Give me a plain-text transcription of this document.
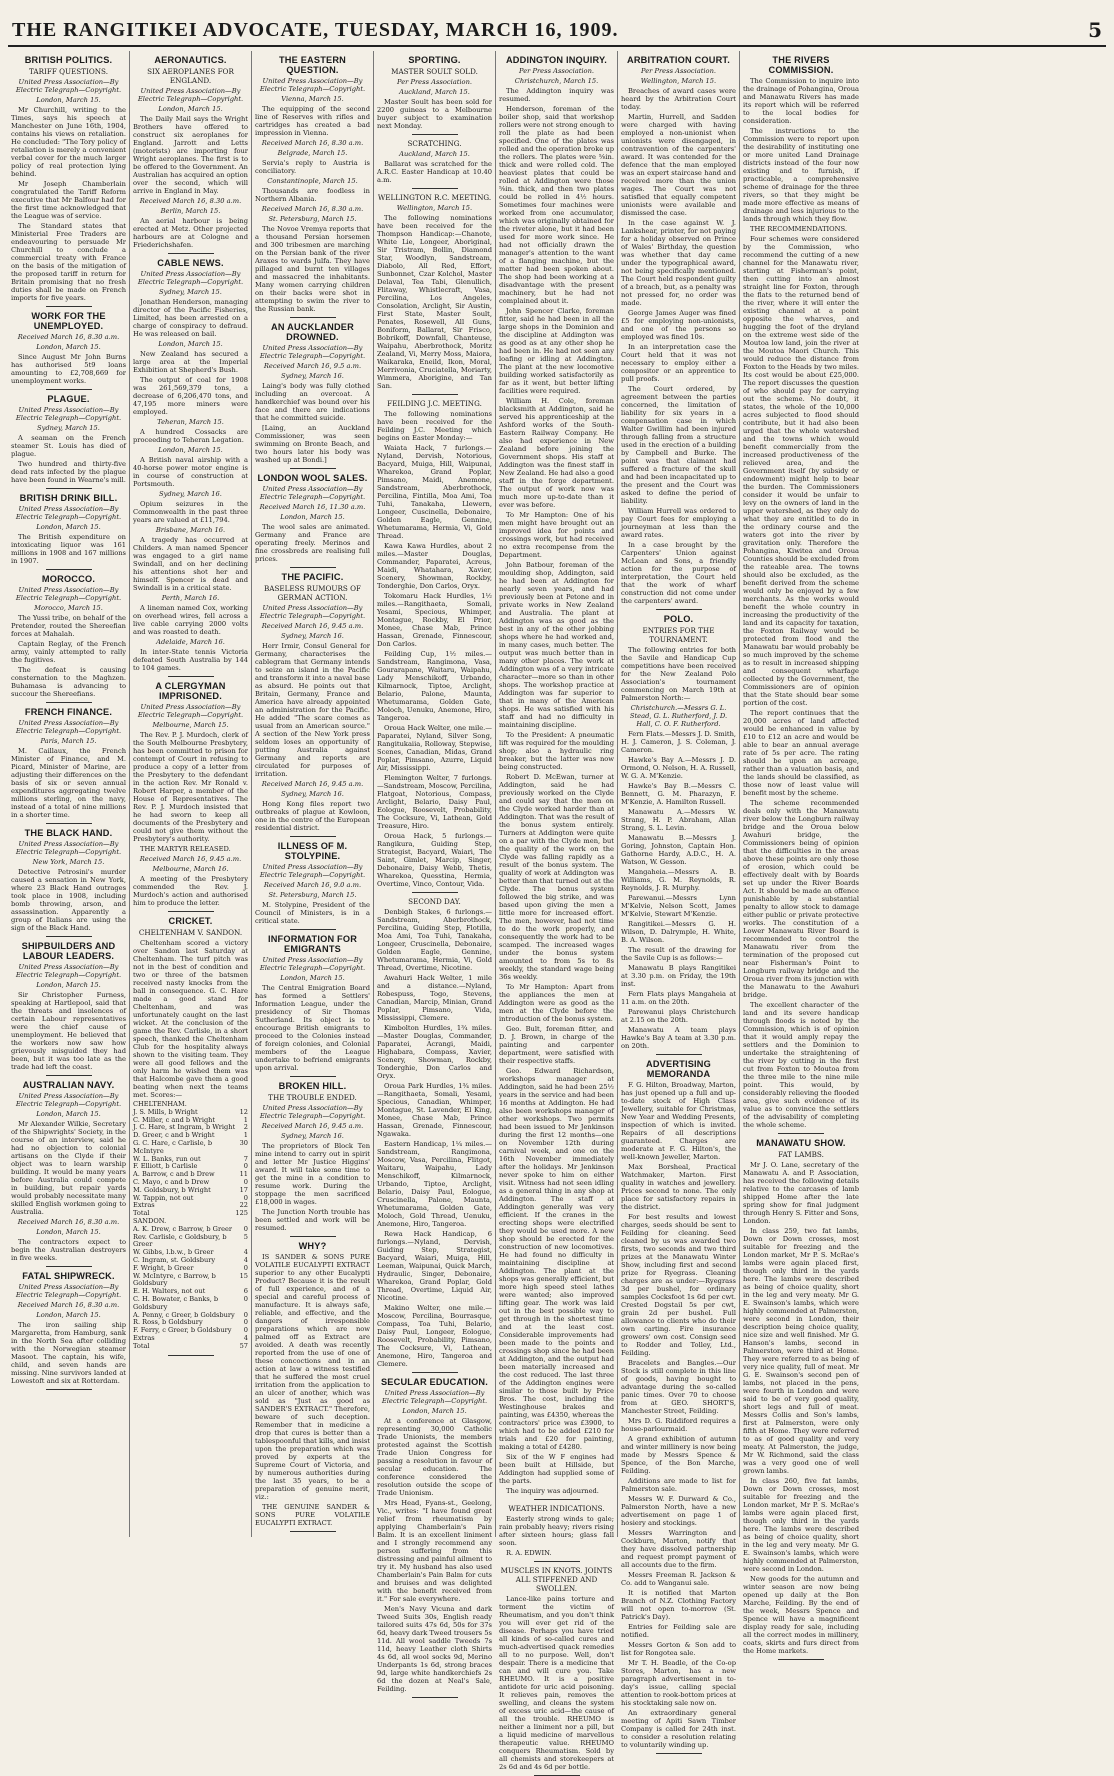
THE RANGITIKEI ADVOCATE, TUESDAY, MARCH 16, 1909.	5
BRITISH POLITICS.
TARIFF QUESTIONS.

United Press Association—By Electric Telegraph—Copyright.

London, March 15.

Mr Churchill, writing to the Times, says his speech at Manchester on June 16th, 1904, contains his views on retaliation. He concluded: "The Tory policy of retaliation is merely a convenient verbal cover for the much larger policy of real protection lying behind.

Mr Joseph Chamberlain congratulated the Tariff Reform executive that Mr Balfour had for the first time acknowledged that the League was of service.

The Standard states that Ministerial Free Traders are endeavouring to persuade Mr Churchill to conclude a commercial treaty with France on the basis of the mitigation of the proposed tariff in return for Britain promising that no fresh duties shall be made on French imports for five years.

WORK FOR THE UNEMPLOYED.

Received March 16, 8.30 a.m.

London, March 15.

Since August Mr John Burns has authorised 5t9 loans amounting to £2,708,669 for unemployment works.

PLAGUE.

United Press Association—By Electric Telegraph—Copyright.

Sydney, March 15.

A seaman on the French steamer St. Louis has died of plague.

Two hundred and thirty-five dead rats infected by the plague have been found in Wearne's mill.

BRITISH DRINK BILL.

United Press Association—By Electric Telegraph—Copyright.

London, March 15.

The British expenditure on intoxicating liquor was 161 millions in 1908 and 167 millions in 1907.

MOROCCO.

United Press Association—By Electric Telegraph—Copyright.

Morocco, March 15.

The Yussi tribe, on behalf of the Pretender, routed the Shereefian forces at Mahalah.

Captain Reglay, of the French army, vainly attempted to rally the fugitives.

The defeat is causing consternation to the Maghzen. Buhamasa is advancing to succour the Shereefians.

FRENCH FINANCE.

United Press Association—By Electric Telegraph—Copyright.

Paris, March 15.

M. Caillaux, the French Minister of Finance, and M. Picard, Minister of Marine, are adjusting their differences on the basis of six or seven annual expenditures aggregating twelve millions sterling, on the navy, instead of a total of nine millions in a shorter time.

THE BLACK HAND.

United Press Association—By Electric Telegraph—Copyright.

New York, March 15.

Detective Petrosini's murder caused a sensation in New York, where 23 Black Hand outrages took place in 1908, including bomb throwing, arson, and assassination. Apparently a group of Italians are using the sign of the Black Hand.

SHIPBUILDERS AND LABOUR LEADERS.

United Press Association—By Electric Telegraph—Copyright.

London, March 15.

Sir Christopher Furness, speaking at Hartlepool, said that the threats and insolences of certain Labour representatives were the chief cause of unemployment. He believed that the workers now saw how grievously misguided they had been, but it was too late as the trade had left the coast.

AUSTRALIAN NAVY.

United Press Association—By Electric Telegraph—Copyright.

London, March 15.

Mr Alexander Wilkie, Secretary of the Shipwrights' Society, in the course of an interview, said he had no objection to colonial artisans on the Clyde if their object was to learn warship building. It would be many years before Australia could compete in building, but repair yards would probably necessitate many skilled English workmen going to Australia.

Received March 16, 8.30 a.m.

London, March 15.

The contractors expect to begin the Australian destroyers in five weeks.

FATAL SHIPWRECK.

United Press Association—By Electric Telegraph—Copyright.

Received March 16, 8.30 a.m.

London, March 15.

The iron sailing ship Margaretta, from Hamburg, sank in the North Sea after colliding with the Norwegian steamer Masoot. The captain, his wife, child, and seven hands are missing. Nine survivors landed at Lowestoft and six at Rotterdam.

AERONAUTICS.
SIX AEROPLANES FOR ENGLAND.

United Press Association—By Electric Telegraph—Copyright.

London, March 15.

The Daily Mail says the Wright Brothers have offered to construct six aeroplanes for England. Jarrott and Letts (motorists) are importing four Wright aeroplanes. The first is to be offered to the Government. An Australian has acquired an option over the second, which will arrive in England in May.

Received March 16, 8.30 a.m.

Berlin, March 15.

An aerial harbour is being erected at Metz. Other projected harbours are at Cologne and Friederichshafen.

CABLE NEWS.

United Press Association—By Electric Telegraph—Copyright.

Sydney, March 15.

Jonathan Henderson, managing director of the Pacific Fisheries, Limited, has been arrested on a charge of conspiracy to defraud. He was released on bail.

London, March 15.

New Zealand has secured a large area at the Imperial Exhibition at Shepherd's Bush.

The output of coal for 1908 was 261,569,379 tons, a decrease of 6,206,470 tons, and 47,195 more miners were employed.

Teheran, March 15.

A hundred Cossacks are proceeding to Teheran Legation.

London, March 15.

A British naval airship with a 40-horse power motor engine is in course of construction at Portsmouth.

Sydney, March 16.

Opium seizures in the Commonwealth in the past three years are valued at £11,794.

Brisbane, March 16.

A tragedy has occurred at Childers. A man named Spencer was engaged to a girl name Swindall, and on her declining his attentions shot her and himself. Spencer is dead and Swindall is in a critical state.

Perth, March 16.

A lineman named Cox, working on overhead wires, fell across a live cable carrying 2000 volts and was roasted to death.

Adelaide, March 16.

In inter-State tennis Victoria defeated South Australia by 144 to 104 games.

A CLERGYMAN IMPRISONED.

United Press Association—By Electric Telegraph—Copyright.

Melbourne, March 15.

The Rev. P. J. Murdoch, clerk of the South Melbourne Presbytery, has been committed to prison for contempt of Court in refusing to produce a copy of a letter from the Presbytery to the defendant in the action Rev. Mr Ronald v. Robert Harper, a member of the House of Representatives. The Rev. P. J. Murdoch insisted that he had sworn to keep all documents of the Presbytery and could not give them without the Presbytery's authority.

THE MARTYR RELEASED.

Received March 16, 9.45 a.m.

Melbourne, March 16.

A meeting of the Presbytery commended the Rev. J. Murdoch's action and authorised him to produce the letter.

CRICKET.
CHELTENHAM V. SANDON.

Cheltenham scored a victory over Sandon last Saturday at Cheltenham. The turf pitch was not in the best of condition and two or three of the batsmen received nasty knocks from the ball in consequence. G. C. Hare made a good stand for Cheltenham, and was unfortunately caught on the last wicket. At the conclusion of the game the Rev. Carlisle, in a short speech, thanked the Cheltenham Club for the hospitality always shown to the visiting team. They were all good fellows and the only harm he wished them was that Halcombe gave them a good beating when next the teams met. Scores:—

CHELTENHAM.
J. S. Mills, b Wright	12
C. Miller, c and b Wright	1
J. C. Hare, st Ingram, b Wright 2
D. Greer, c and b Wright	1
G. C. Hare, c Carlisle, b McIntyre
30
W. L. Banks, run out	7
F. Elliott, b Carlisle	0
A. Barrow, c and b Drew	11
C. Mayo, c and b Drew	0
M. Goldsbury, b Wright	17
W. Tappin, not out	0
Extras	22
Total	125
SANDON.
A. K. Drew, c Barrow, b Greer 0
Rev. Carlisle, c Goldsbury, b Greer
5
W. Gibbs, l.b.w., b Greer	4
C. Ingram, st. Goldsbury	4
F. Wright, b Greer	0
W. McIntyre, c Barrow, b Goldsbury
15
E. H. Walters, not out	6
C. H. Bowater, c Banks, b Goldsbury
0
A. Penny, c Greer, b Goldsbury 0
R. Ross, b Goldsbury	0
F. Ferry, c Greer, b Goldsbury 0
Extras	4
Total	57
THE EASTERN QUESTION.

United Press Association—By Electric Telegraph—Copyright.

Vienna, March 15.

The equipping of the second line of Reserves with rifles and cartridges has created a bad impression in Vienna.

Received March 16, 8.30 a.m.

Belgrade, March 15.

Servia's reply to Austria is conciliatory.

Constantinople, March 15.

Thousands are foodless in Northern Albania.

Received March 16, 8.30 a.m.

St. Petersburg, March 15.

The Novoe Vremya reports that a thousand Persian horsemen and 300 tribesmen are marching on the Persian bank of the river Araxes to wards Julfa. They have pillaged and burnt ten villages and massacred the inhabitants. Many women carrying children on their backs were shot in attempting to swim the river to the Russian bank.

AN AUCKLANDER DROWNED.

United Press Association—By Electric Telegraph—Copyright.

Received March 16, 9.5 a.m.

Sydney, March 16.

Laing's body was fully clothed including an overcoat. A handkerchief was bound over his face and there are indications that he committed suicide.

[Laing, an Auckland Commissioner, was seen swimming on Bronte Beach, and two hours later his body was washed up at Bondi.]

LONDON WOOL SALES.

United Press Association—By Electric Telegraph—Copyright.

Received March 16, 11.30 a.m.

London, March 15.

The wool sales are animated. Germany and France are operating freely. Merinos and fine crossbreds are realising full prices.

THE PACIFIC.
BASELESS RUMOURS OF GERMAN ACTION.

United Press Association—By Electric Telegraph—Copyright.

Received March 16, 9.45 a.m.

Sydney, March 16.

Herr Irmir, Consul General for Germany, characterises the cablegram that Germany intends to seize an island in the Pacific and transform it into a naval base as absurd. He points out that Britain, Germany, France and America have already appointed an administration for the Pacific. He added "The scare comes as usual from an American source." A section of the New York press seldom loses an opportunity of putting Australia against Germany and reports are circulated for purposes of irritation.

Received March 16, 9.45 a.m.

Sydney, March 16.

Hong Kong files report two outbreaks of plague at Kowloon, one in the centre of the European residential district.

ILLNESS OF M. STOLYPINE.

United Press Association—By Electric Telegraph—Copyright.

Received March 16, 9.0 a.m.

St. Petersburg, March 15.

M. Stolypine, President of the Council of Ministers, is in a critical state.

INFORMATION FOR EMIGRANTS

United Press Association—By Electric Telegraph—Copyright.

London, March 15.

The Central Emigration Board has formed a Settlers' Information League, under the presidency of Sir Thomas Sutherland. Its object is to encourage British emigrants to proceed to the Colonies instead of foreign colonies, and Colonial members of the League undertake to befriend emigrants upon arrival.

BROKEN HILL.
THE TROUBLE ENDED.

United Press Association—By Electric Telegraph—Copyright.

Received March 16, 9.45 a.m.

Sydney, March 16.

The proprietors of Block Ten mine intend to carry out in spirit and letter Mr Justice Higgins' award. It will take some time to get the mine in a condition to resume work. During the stoppage the men sacrificed £18,000 in wages.

The Junction North trouble has been settled and work will be resumed.

WHY?

IS SANDER & SONS PURE VOLATILE EUCALYPTI EXTRACT superior to any other Eucalypti Product? Because it is the result of full experience, and of a special and careful process of manufacture. It is always safe, reliable, and effective, and the dangers of irresponsible preparations which are now palmed off as Extract are avoided. A death was recently reported from the use of one of these concoctions and in an action at law a witness testified that he suffered the most cruel irritation from the application to an ulcer of another, which was sold as "Just as good as SANDER'S EXTRACT." Therefore, beware of such deception. Remember that in medicine a drop that cures is better than a tablespoonful that kills, and insist upon the preparation which was proved by experts at the Supreme Court of Victoria, and by numerous authorities during the last 35 years, to be a preparation of genuine merit, viz.:

THE GENUINE SANDER & SONS PURE VOLATILE EUCALYPTI EXTRACT.

SPORTING.
MASTER SOULT SOLD.

Per Press Association.

Auckland, March 15.

Master Soult has been sold for 2200 guineas to a Melbourne buyer subject to examination next Monday.

SCRATCHING.

Auckland, March 15.

Ballarat was scratched for the A.R.C. Easter Handicap at 10.40 a.m.

WELLINGTON R.C. MEETING.

Wellington, March 15.

The following nominations have been received for the Thompson Handicap:—Chanote, White Lie, Longeer, Aboriginal, Sir Tristram, Bollin, Diamond Star, Woodlyn, Sandstream, Diabolo, All Red, Effort, Sunbonnet, Czar Kolchol, Master Delaval, Tea Tabi, Glenullich, Flitaway, Whistlecraft, Vasa, Percilina, Los Angeles, Consolation, Arclight, Sir Austin, First State, Master Soult, Penates, Rosewell, All Guns, Boniform, Ballarat, Sir Frisco, Bobrikoff, Downfall, Chanteuse, Waipahu, Aberbrothock, Moritz Zealand, Vi, Merry Moss, Maiora, Waikaraka, Eneild, Ikon, Moral, Merrivonia, Cruciatella, Moriarty, Wimmera, Aborigine, and Tan San.

FEILDING J.C. MEETING.

The following nominations have been received for the Feilding J.C. Meeting which begins on Easter Monday:—

Waiata Hack, 7 furlongs.—Nyland, Dervish, Notorious, Bacyard, Muiga, Hill, Waipunai, Wharekoa, Grand Poplar, Pimsano, Maidi, Anemone, Sandstream, Aberbrothock, Percilina, Fintilla, Moa Ami, Toa Tuhi, Tanakaha, Llewern, Longeer, Cuscinella, Debonaire, Golden Eagle, Gennine, Whetumarama, Hermia, Vi, Gold Thread.

Kawa Kawa Hurdles, about 2 miles.—Master Douglas, Commander, Paparatei, Acreus, Maidi, Whatahara, Xavier, Scenery, Showman, Rockby, Tonderghie, Don Carlos, Oryx.

Tokomaru Hack Hurdles, 1½ miles.—Rangithaeta, Somali, Yesami, Specious, Whimper, Montague, Rockby, El Prior, Monee, Chase Mab, Prince Hassan, Grenade, Finnescour, Don Carlos.

Feilding Cup, 1½ miles.—Sandstream, Rangimona, Vasa, Gourarapane, Waitaru, Waipahu, Lady Menschikoff, Urbando, Kilmarnock, Tiptoe, Arclight, Belario, Palone, Maunta, Whetumarama, Golden Gate, Moloch, Uenuku, Anemone, Hiro, Tangeroa.

Oroua Hack Welter, one mile.—Paparatei, Nyland, Silver Song, Rangitukaiia, Rolloway, Stepwise, Scenes, Canadian, Midas, Grand Poplar, Pimsano, Azurre, Liquid Air, Mississippi.

Flemington Welter, 7 furlongs.—Sandstream, Moscow, Percilina, Flatgoat, Notorious, Compass, Arclight, Belario, Daisy Paul, Eologue, Roosevelt, Probability, The Cocksure, Vi, Lathean, Gold Treasure, Hiro.

Oroua Hack, 5 furlongs.—Rangikura, Guiding Step, Strategist, Bacyard, Waiari, The Saint, Gimlet, Marcip, Singer, Debonaire, Daisy Webb, Thetis, Wharekoa, Quesstina, Hermia, Overtime, Vinco, Contour, Vida.

SECOND DAY.

Denbigh Stakes, 6 furlongs.—Sandstream, Aberbrothock, Percilina, Guiding Step, Flotilla, Moa Ami, Toa Tuhi, Tanakaha, Longeer, Cruscinella, Debonaire, Golden Eagle, Gennine, Whetumarama, Hermia, Vi, Gold Thread, Overtime, Nicotine.

Awahuri Hack Welter, 1 mile and a distance.—Nyland, Robespuss, Togo, Stevens, Canadian, Marcip, Minian, Grand Poplar, Pimsano, Vida, Mississippi, Clemere.

Kimbolton Hurdles, 1¾ miles.—Master Douglas, Commander, Paparatei, Acrangi, Maidi, Highabara, Compass, Xavier, Scenery, Showman, Rockby, Tonderghie, Don Carlos and Oryx.

Oroua Park Hurdles, 1¾ miles.—Rangithaeta, Somali, Yesami, Specious, Canadian, Whimper, Montague, St. Lavender, El King, Monee, Chase Mab, Prince Hassan, Grenade, Finnescour, Ngawaka.

Eastern Handicap, 1¼ miles.—Sandstream, Rangimona, Moscow, Vasa, Percilina, Flitgot, Waitaru, Waipahu, Lady Menschikoff, Kilmarnock, Urbando, Tiptoe, Arclight, Belario, Daisy Paul, Eologue, Cruscinella, Palone, Maunta, Whetumarama, Golden Gate, Moloch, Gold Thread, Uenuku, Anemone, Hiro, Tangeroa.

Rewa Hack Handicap, 6 furlongs.—Nyland, Dervish, Guiding Step, Strategist, Bacyard, Waiari, Muiga, Hill, Leeman, Waipunai, Quick March, Hydraulic, Singer, Debonaire, Wharekoa, Grand Poplar, Gold Thread, Overtime, Liquid Air, Nicotine.

Makino Welter, one mile.—Moscow, Percilina, Bourrasque, Compass, Toa Tuhi, Belario, Daisy Paul, Longeer, Eologue, Roosevelt, Probability, Pimsano, The Cocksure, Vi, Lathean, Anemone, Hiro, Tangeroa and Clemere.

SECULAR EDUCATION.

United Press Association—By Electric Telegraph—Copyright.

London, March 15.

At a conference at Glasgow, representing 30,000 Catholic Trade Unionists, the members protested against the Scottish Trade Union Congress for passing a resolution in favour of secular education. The conference considered the resolution outside the scope of Trade Unionism.

Mrs Head, Fyans-st., Geelong, Vic., writes: "I have found great relief from rheumatism by applying Chamberlain's Pain Balm. It is an excellent liniment and I strongly recommend any person suffering from this distressing and painful ailment to try it. My husband has also used Chamberlain's Pain Balm for cuts and bruises and was delighted with the benefit received from it." For sale everywhere.

Men's Navy Vicuna and dark Tweed Suits 30s, English ready tailored suits 47s 6d, 50s for 37s 6d, heavy dark Tweed trousers 5s 11d. All wool saddle Tweeds 7s 11d, heavy Leather cloth Shirts 4s 6d, all wool socks 9d, Merino Underpants 1s 6d, strong braces 9d, large white handkerchiefs 2s 6d the dozen at Neal's Sale, Feilding.

ADDINGTON INQUIRY.

Per Press Association.

Christchurch, March 15.

The Addington inquiry was resumed.

Henderson, foreman of the boiler shop, said that workshop rollers were not strong enough to roll the plate as had been specified. One of the plates was rolled and the operation broke up the rollers. The plates were ⅝in. thick and were rolled cold. The heaviest plates that could be rolled at Addington were those ⅝in. thick, and then two plates could be rolled in 4½ hours. Sometimes four machines were worked from one accumulator, which was originally obtained for the riveter alone, but it had been used for more work since. He had not officially drawn the manager's attention to the want of a flanging machine, but the matter had been spoken about. The shop had been working at a disadvantage with the present machinery, but he had not complained about it.

John Spencer Clarke, foreman fitter, said he had been in all the large shops in the Dominion and the discipline at Addington was as good as at any other shop he had been in. He had not seen any loafing or idling at Addington. The plant at the new locomotive building worked satisfactorily as far as it went, but better lifting facilities were required.

William H. Cole, foreman blacksmith at Addington, said he served his apprenticeship at the Ashford works of the South-Eastern Railway Company. He also had experience in New Zealand before joining the Government shops. His staff at Addington was the finest staff in New Zealand. He had also a good staff in the forge department. The output of work now was much more up-to-date than it ever was before.

To Mr Hampton: One of his men might have brought out an improved idea for points and crossings work, but had received no extra recompense from the Department.

John Batbour, foreman of the moulding shop, Addington, said he had been at Addington for nearly seven years, and had previously been at Petone and in private works in New Zealand and Australia. The plant at Addington was as good as the best in any of the other jobbing shops where he had worked and, in many cases, much better. The output was much better than in many other places. The work at Addington was of a very intricate character—more so than in other shops. The workshop practice at Addington was far superior to that in many of the American shops. He was satisfied with his staff and had no difficulty in maintaining discipline.

To the President: A pneumatic lift was required for the moulding shop; also a hydraulic ring breaker, but the latter was now being constructed.

Robert D. McEwan, turner at Addington, said he had previously worked on the Clyde and could say that the men on the Clyde worked harder than at Addington. That was the result of the bonus system entirely. Turners at Addington were quite on a par with the Clyde men, but the quality of the work on the Clyde was falling rapidly as a result of the bonus system. The quality of work at Addington was better than that turned out at the Clyde. The bonus system followed the big strike, and was based upon giving the men a little more for increased effort. The men, however, had not time to do the work properly, and consequently the work had to be scamped. The increased wages under the bonus system amounted to from 5s to 8s weekly, the standard wage being 36s weekly.

To Mr Hampton: Apart from the appliances the men at Addington were as good as the men at the Clyde before the introduction of the bonus system.

Geo. Bult, foreman fitter, and D. J. Brown, in charge of the painting and carpenter department, were satisfied with their respective staffs.

Geo. Edward Richardson, workshops manager at Addington, said he had been 25½ years in the service and had been 16 months at Addington. He had also been workshops manager of other workshops. Two permits had been issued to Mr Jenkinson during the first 12 months—one on November 12th during carnival week, and one on the 16th November immediately after the holidays. Mr Jenkinson never spoke to him on either visit. Witness had not seen idling as a general thing in any shop at Addington. The staff at Addington generally was very efficient. If the cranes in the erecting shops were electrified they would be used more. A new shop should be erected for the construction of new locomotives. He had found no difficulty in maintaining discipline at Addington. The plant at the shops was generally efficient, but more high speed steel lathes were wanted; also improved lifting gear. The work was laid out in the best possible way to get through in the shortest time and at the least cost. Considerable improvements had been made to the points and crossings shop since he had been at Addington, and the output had been materially increased and the cost reduced. The last three of the Addington engines were similar to those built by Price Bros. The cost, including the Westinghouse brakes and painting, was £4350, whereas the contractors' price was £3900, to which had to be added £210 for trials and £20 for painting, making a total of £4280.

Six of the W F engines had been built at Hillside, but Addington had supplied some of the parts.

The inquiry was adjourned.

WEATHER INDICATIONS.

Easterly strong winds to gale; rain probably heavy; rivers rising after sixteen hours; glass fall soon.

R. A. EDWIN.

MUSCLES IN KNOTS. JOINTS ALL STIFFENED AND SWOLLEN.

Lance-like pains torture and torment the victim of Rheumatism, and you don't think you will ever get rid of the disease. Perhaps you have tried all kinds of so-called cures and much-advertised quack remedies all to no purpose. Well, don't despair. There is a medicine that can and will cure you. Take RHEUMO. It is a positive antidote for uric acid poisoning. It relieves pain, removes the swelling, and cleans the system of excess uric acid—the cause of all the trouble. RHEUMO is neither a liniment nor a pill, but a liquid medicine of marvellous therapeutic value. RHEUMO conquers Rheumatism. Sold by all chemists and storekeepers at 2s 6d and 4s 6d per bottle.

ARBITRATION COURT.

Per Press Association.

Wellington, March 15.

Breaches of award cases were heard by the Arbitration Court today.

Martin, Hurrell, and Sadden were charged with having employed a non-unionist when unionists were disengaged, in contravention of the carpenters' award. It was contended for the defence that the man employed was an expert staircase hand and received more than the union wages. The Court was not satisfied that equally competent unionists were available and dismissed the case.

In the case against W. J. Lankshear, printer, for not paying for a holiday observed on Prince of Wales' Birthday, the question was whether that day came under the typographical award, not being specifically mentioned. The Court held respondent guilty of a breach, but, as a penalty was not pressed for, no order was made.

George James Auger was fined £5 for employing non-unionists, and one of the persons so employed was fined 10s.

In an interpretation case the Court held that it was not necessary to employ either a compositor or an apprentice to pull proofs.

The Court ordered, by agreement between the parties concerned, the limitation of liability for six years in a compensation case in which Walter Gwillim had been injured through falling from a structure used in the erection of a building by Campbell and Burke. The point was that claimant had suffered a fracture of the skull and had been incapacitated up to the present and the Court was asked to define the period of liability.

William Hurrell was ordered to pay Court fees for employing a journeyman at less than the award rates.

In a case brought by the Carpenters' Union against McLean and Sons, a friendly action for the purpose of interpretation, the Court held that the work of wharf construction did not come under the carpenters' award.

POLO.
ENTRIES FOR THE TOURNAMENT.

The following entries for both the Savile and Handicap Cup competitions have been received for the New Zealand Polo Association's tournament commencing on March 19th at Palmerston North:—

Christchurch.—Messrs G. L. Stead, G. L. Rutherford, J. D. Hall, C. O. F. Rutherford.

Fern Flats.—Messrs J. D. Smith, H. J. Cameron, J. S. Coleman, J. Cameron.

Hawke's Bay A.—Messrs J. D. Ormond, O. Nelson, H. A. Russell, W. G. A. M'Kenzie.

Hawke's Bay B.—Messrs C. Bennett, G. M. Pharazyn, F. M'Kenzie, A. Hamilton Russell.

Manawatu A.—Messrs W. Strang, H. P. Abraham, Allan Strang, S. L. Levin.

Manawatu B.—Messrs J. Goring, Johnston, Captain Hon. Gathorne Hardy, A.D.C., H. A. Watson, W. Gesson.

Mangaheia.—Messrs A. B. Williams, G. M. Reynolds, R. Reynolds, J. R. Murphy.

Parewanui.—Messrs Lynn M'Kelvie, Nelson Scott, James M'Kelvie, Stewart M'Kenzie.

Rangitikei.—Messrs G. H. Wilson, D. Dalrymple, H. White, B. A. Wilson.

The result of the drawing for the Savile Cup is as follows:—

Manawatu B plays Rangitikei at 3.30 p.m. on Friday, the 19th inst.

Fern Flats plays Mangaheia at 11 a.m. on the 20th.

Parewanui plays Christchurch at 2.15 on the 20th.

Manawatu A team plays Hawke's Bay A team at 3.30 p.m. on 20th.

ADVERTISING MEMORANDA

F. G. Hilton, Broadway, Marton, has just opened up a full and up-to-date stock of High Class Jewellery, suitable for Christmas, New Year and Wedding Presents, inspection of which is invited. Repairs of all descriptions guaranteed. Charges are moderate at F. G. Hilton's, the well-known Jeweller, Marton.

Max Borsheal, Practical Watchmaker, Marton. First quality in watches and jewellery. Prices second to none. The only place for satisfactory repairs in the district.

For best results and lowest charges, seeds should be sent to Feilding for cleaning. Seed cleaned by us was awarded two firsts, two seconds and two third prizes at the Manawatu Winter Show, including first and second prize for Ryegrass. Cleaning charges are as under:—Ryegrass 3d per bushel, for ordinary samples Cocksfoot 1s 6d per cwt. Crested Dogstail 5s per cwt, grain 2d per bushel. Full allowance to clients who do their own carting. Fire insurance growers' own cost. Consign seed to Rodder and Tolley, Ltd., Feilding.

Bracelets and Bangles.—Our Stock is still complete in this line of goods, having bought to advantage during the so-called panic times. Over 70 to choose from at GEO. SHORT'S, Manchester Street, Feilding.

Mrs D. G. Riddiford requires a house-parlourmaid.

A grand exhibition of autumn and winter millinery is now being made by Messrs Spence & Spence, of the Bon Marche, Feilding.

Additions are made to list for Palmerston sale.

Messrs W. F. Durward & Co., Palmerston North, have a new advertisement on page 1 of hosiery and stockings.

Messrs Warrington and Cockburn, Marton, notify that they have dissolved partnership and request prompt payment of all accounts due to the firm.

Messrs Freeman R. Jackson & Co. add to Wanganui sale.

It is notified that Marton Branch of N.Z. Clothing Factory will not open to-morrow (St. Patrick's Day).

Entries for Feilding sale are notified.

Messrs Gorton & Son add to list for Rongotea sale.

Mr T. H. Beadle, of the Co-op Stores, Marton, has a new paragraph advertisement in to-day's issue, calling special attention to rook-bottom prices at his stocktaking sale now on.

An extraordinary general meeting of Apiti Sawn Timber Company is called for 24th inst. to consider a resolution relating to voluntarily winding up.

THE RIVERS COMMISSION.

The Commission to inquire into the drainage of Pohangina, Oroua and Manawatu Rivers has made its report which will be referred to the local bodies for consideration.

The instructions to the Commission were to report upon the desirability of instituting one or more united Land Drainage districts instead of the four now existing and to furnish, if practicable, a comprehensive scheme of drainage for the three rivers, so that they might be made more effective as means of drainage and less injurious to the lands through which they flow.

THE RECOMMENDATIONS.

Four schemes were considered by the Commission, who recommend the cutting of a new channel for the Manawatu river, starting at Fisherman's point, then cutting into an almost straight line for Foxton, through the flats to the returned bend of the river, where it will enter the existing channel at a point opposite the wharves, and hugging the foot of the dryland on the extreme west side of the Moutoa low land, join the river at the Moutoa Maori Church. This would reduce the distance from Foxton to the Heads by two miles. Its cost would be about £25,000. The report discusses the question of who should pay for carrying out the scheme. No doubt, it states, the whole of the 10,000 acres subjected to flood should contribute, but it had also been urged that the whole watershed and the towns which would benefit commercially from the increased productiveness of the relieved area, and the Government itself (by subsidy or endowment) might help to bear the burden. The Commissioners consider it would be unfair to levy on the owners of land in the upper watershed, as they only do what they are entitled to do in the ordinary course and the waters got into the river by gravitation only. Therefore the Pohangina, Kiwitea and Oroua Counties should be excluded from the rateable area. The towns should also be excluded, as the benefit derived from the scheme would only be enjoyed by a few merchants. As the works would benefit the whole country in increasing the productivity of the land and its capacity for taxation, the Foxton Railway would be protected from flood and the Manawatu bar would probably be so much improved by the scheme as to result in increased shipping and consequent wharfage collected by the Government, the Commissioners are of opinion that the State should bear some portion of the cost.

The report continues that the 20,000 acres of land affected would be enhanced in value by £10 to £12 an acre and would be able to bear an annual average rate of 5s per acre. The rating should be upon an acreage, rather than a valuation basis, and the lands should be classified, as those now of least value will benefit most by the scheme.

The scheme recommended deals only with the Manawatu river below the Longburn railway bridge and the Oroua below Awahuri bridge, the Commissioners being of opinion that the difficulties in the areas above these points are only those of erosion, which could be effectively dealt with by Boards set up under the River Boards Act. It should be made an offence punishable by a substantial penalty to allow stock to damage either public or private protective works. The constitution of a Lower Manawatu River Board is recommended to control the Manawatu river from the termination of the proposed cut near Fisherman's Point to Longburn railway bridge and the Oroua river from its junction with the Manawatu to the Awahuri bridge.

The excellent character of the land and its severe handicap through floods is noted by the Commission, which is of opinion that it would amply repay the settlers and the Dominion to undertake the straightening of the river by cutting in the first cut from Foxton to Moutoa from the three mile to the nine mile point. This would, by considerably relieving the flooded area, give such evidence of its value as to convince the settlers of the advisability of completing the whole scheme.

MANAWATU SHOW.
FAT LAMBS.

Mr J. O. Lane, secretary of the Manawatu A. and P. Association, has received the following details relative to the carcases of lamb shipped Home after the late spring show for final judgment through Henry S. Fitter and Sons, London.

In class 259, two fat lambs, Down or Down crosses, most suitable for freezing and the London market, Mr P. S. McRae's lambs were again placed first, though only third in the yards here. The lambs were described as being of choice quality, short in the leg and very meaty. Mr G. E. Swainson's lambs, which were highly commended at Palmerston, were second in London, their description being choice quality, nice size and well finished. Mr G. Hanson's lambs, second in Palmerston, were third at Home. They were referred to as being of very nice quality, full of meat. Mr G. E. Swainson's second pen of lambs, not placed in the pens, were fourth in London and were said to be of very good quality, short legs and full of meat. Messrs Collis and Son's lambs, first at Palmerston, were only fifth at Home. They were referred to as of good quality and very meaty. At Palmerston, the judge, Mr W. Richmond, said the class was a very good one of well grown lambs.

In class 260, five fat lambs, Down or Down crosses, most suitable for freezing and the London market, Mr P. S. McRae's lambs were again placed first, though only third in the yards here. The lambs were described as being of choice quality, short in the leg and very meaty. Mr G. E. Swainson's lambs, which were highly commended at Palmerston, were second in London.

New goods for the autumn and winter season are now being opened up daily at the Bon Marche, Feilding. By the end of the week, Messrs Spence and Spence will have a magnificent display ready for sale, including all the correct modes in millinery, coats, skirts and furs direct from the Home markets.
